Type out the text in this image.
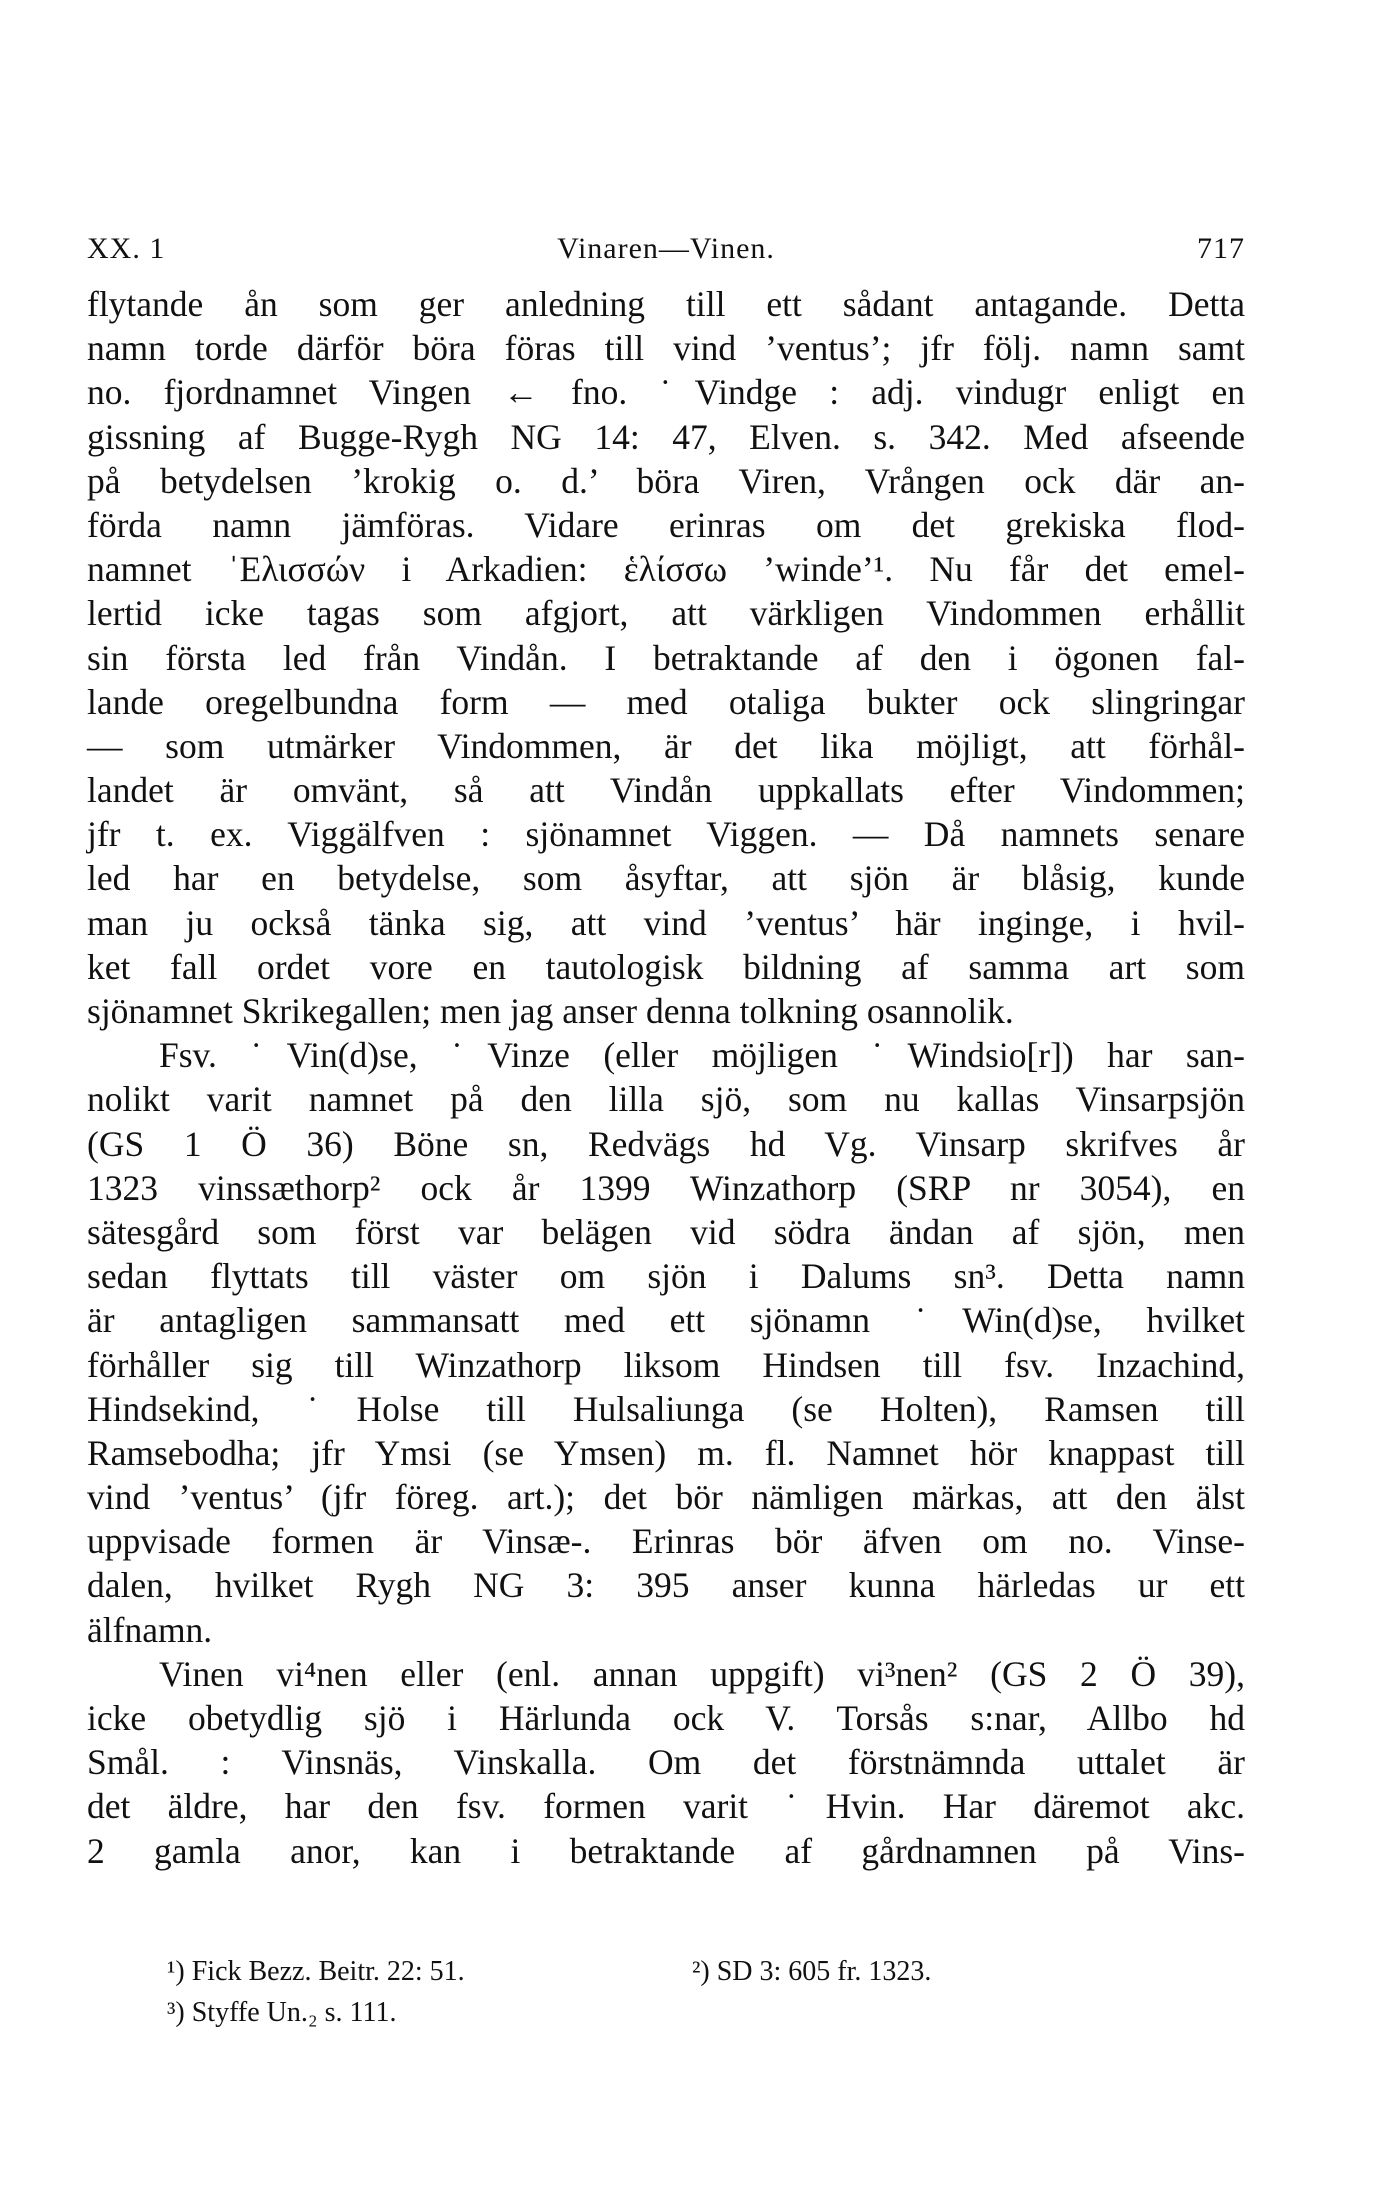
XX. 1	Vinaren—Vinen.	717
flytande ån som ger anledning till ett sådant antagande. Detta
namn torde därför böra föras till vind ’ventus’; jfr följ. namn samt
no. fjordnamnet Vingen ← fno. ˙Vindge : adj. vindugr enligt en
gissning af Bugge-Rygh NG 14: 47, Elven. s. 342. Med afseende
på betydelsen ’krokig o. d.’ böra Viren, Vrången ock där an-
förda namn jämföras. Vidare erinras om det grekiska flod-
namnet ˈΕλισσών i Arkadien: ἑλίσσω ’winde’¹. Nu får det emel-
lertid icke tagas som afgjort, att värkligen Vindommen erhållit
sin första led från Vindån. I betraktande af den i ögonen fal-
lande oregelbundna form — med otaliga bukter ock slingringar
— som utmärker Vindommen, är det lika möjligt, att förhål-
landet är omvänt, så att Vindån uppkallats efter Vindommen;
jfr t. ex. Viggälfven : sjönamnet Viggen. — Då namnets senare
led har en betydelse, som åsyftar, att sjön är blåsig, kunde
man ju också tänka sig, att vind ’ventus’ här inginge, i hvil-
ket fall ordet vore en tautologisk bildning af samma art som
sjönamnet Skrikegallen; men jag anser denna tolkning osannolik.
Fsv. ˙Vin(d)se, ˙Vinze (eller möjligen ˙Windsio[r]) har san-
nolikt varit namnet på den lilla sjö, som nu kallas Vinsarpsjön
(GS 1 Ö 36) Böne sn, Redvägs hd Vg. Vinsarp skrifves år
1323 vinssæthorp² ock år 1399 Winzathorp (SRP nr 3054), en
sätesgård som först var belägen vid södra ändan af sjön, men
sedan flyttats till väster om sjön i Dalums sn³. Detta namn
är antagligen sammansatt med ett sjönamn ˙Win(d)se, hvilket
förhåller sig till Winzathorp liksom Hindsen till fsv. Inzachind,
Hindsekind, ˙Holse till Hulsaliunga (se Holten), Ramsen till
Ramsebodha; jfr Ymsi (se Ymsen) m. fl. Namnet hör knappast till
vind ’ventus’ (jfr föreg. art.); det bör nämligen märkas, att den älst
uppvisade formen är Vinsæ-. Erinras bör äfven om no. Vinse-
dalen, hvilket Rygh NG 3: 395 anser kunna härledas ur ett
älfnamn.
Vinen vi⁴nen eller (enl. annan uppgift) vi³nen² (GS 2 Ö 39),
icke obetydlig sjö i Härlunda ock V. Torsås s:nar, Allbo hd
Smål. : Vinsnäs, Vinskalla. Om det förstnämnda uttalet är
det äldre, har den fsv. formen varit ˙Hvin. Har däremot akc.
2 gamla anor, kan i betraktande af gårdnamnen på Vins-
¹) Fick Bezz. Beitr. 22: 51.	²) SD 3: 605 fr. 1323.
³) Styffe Un.₂ s. 111.
